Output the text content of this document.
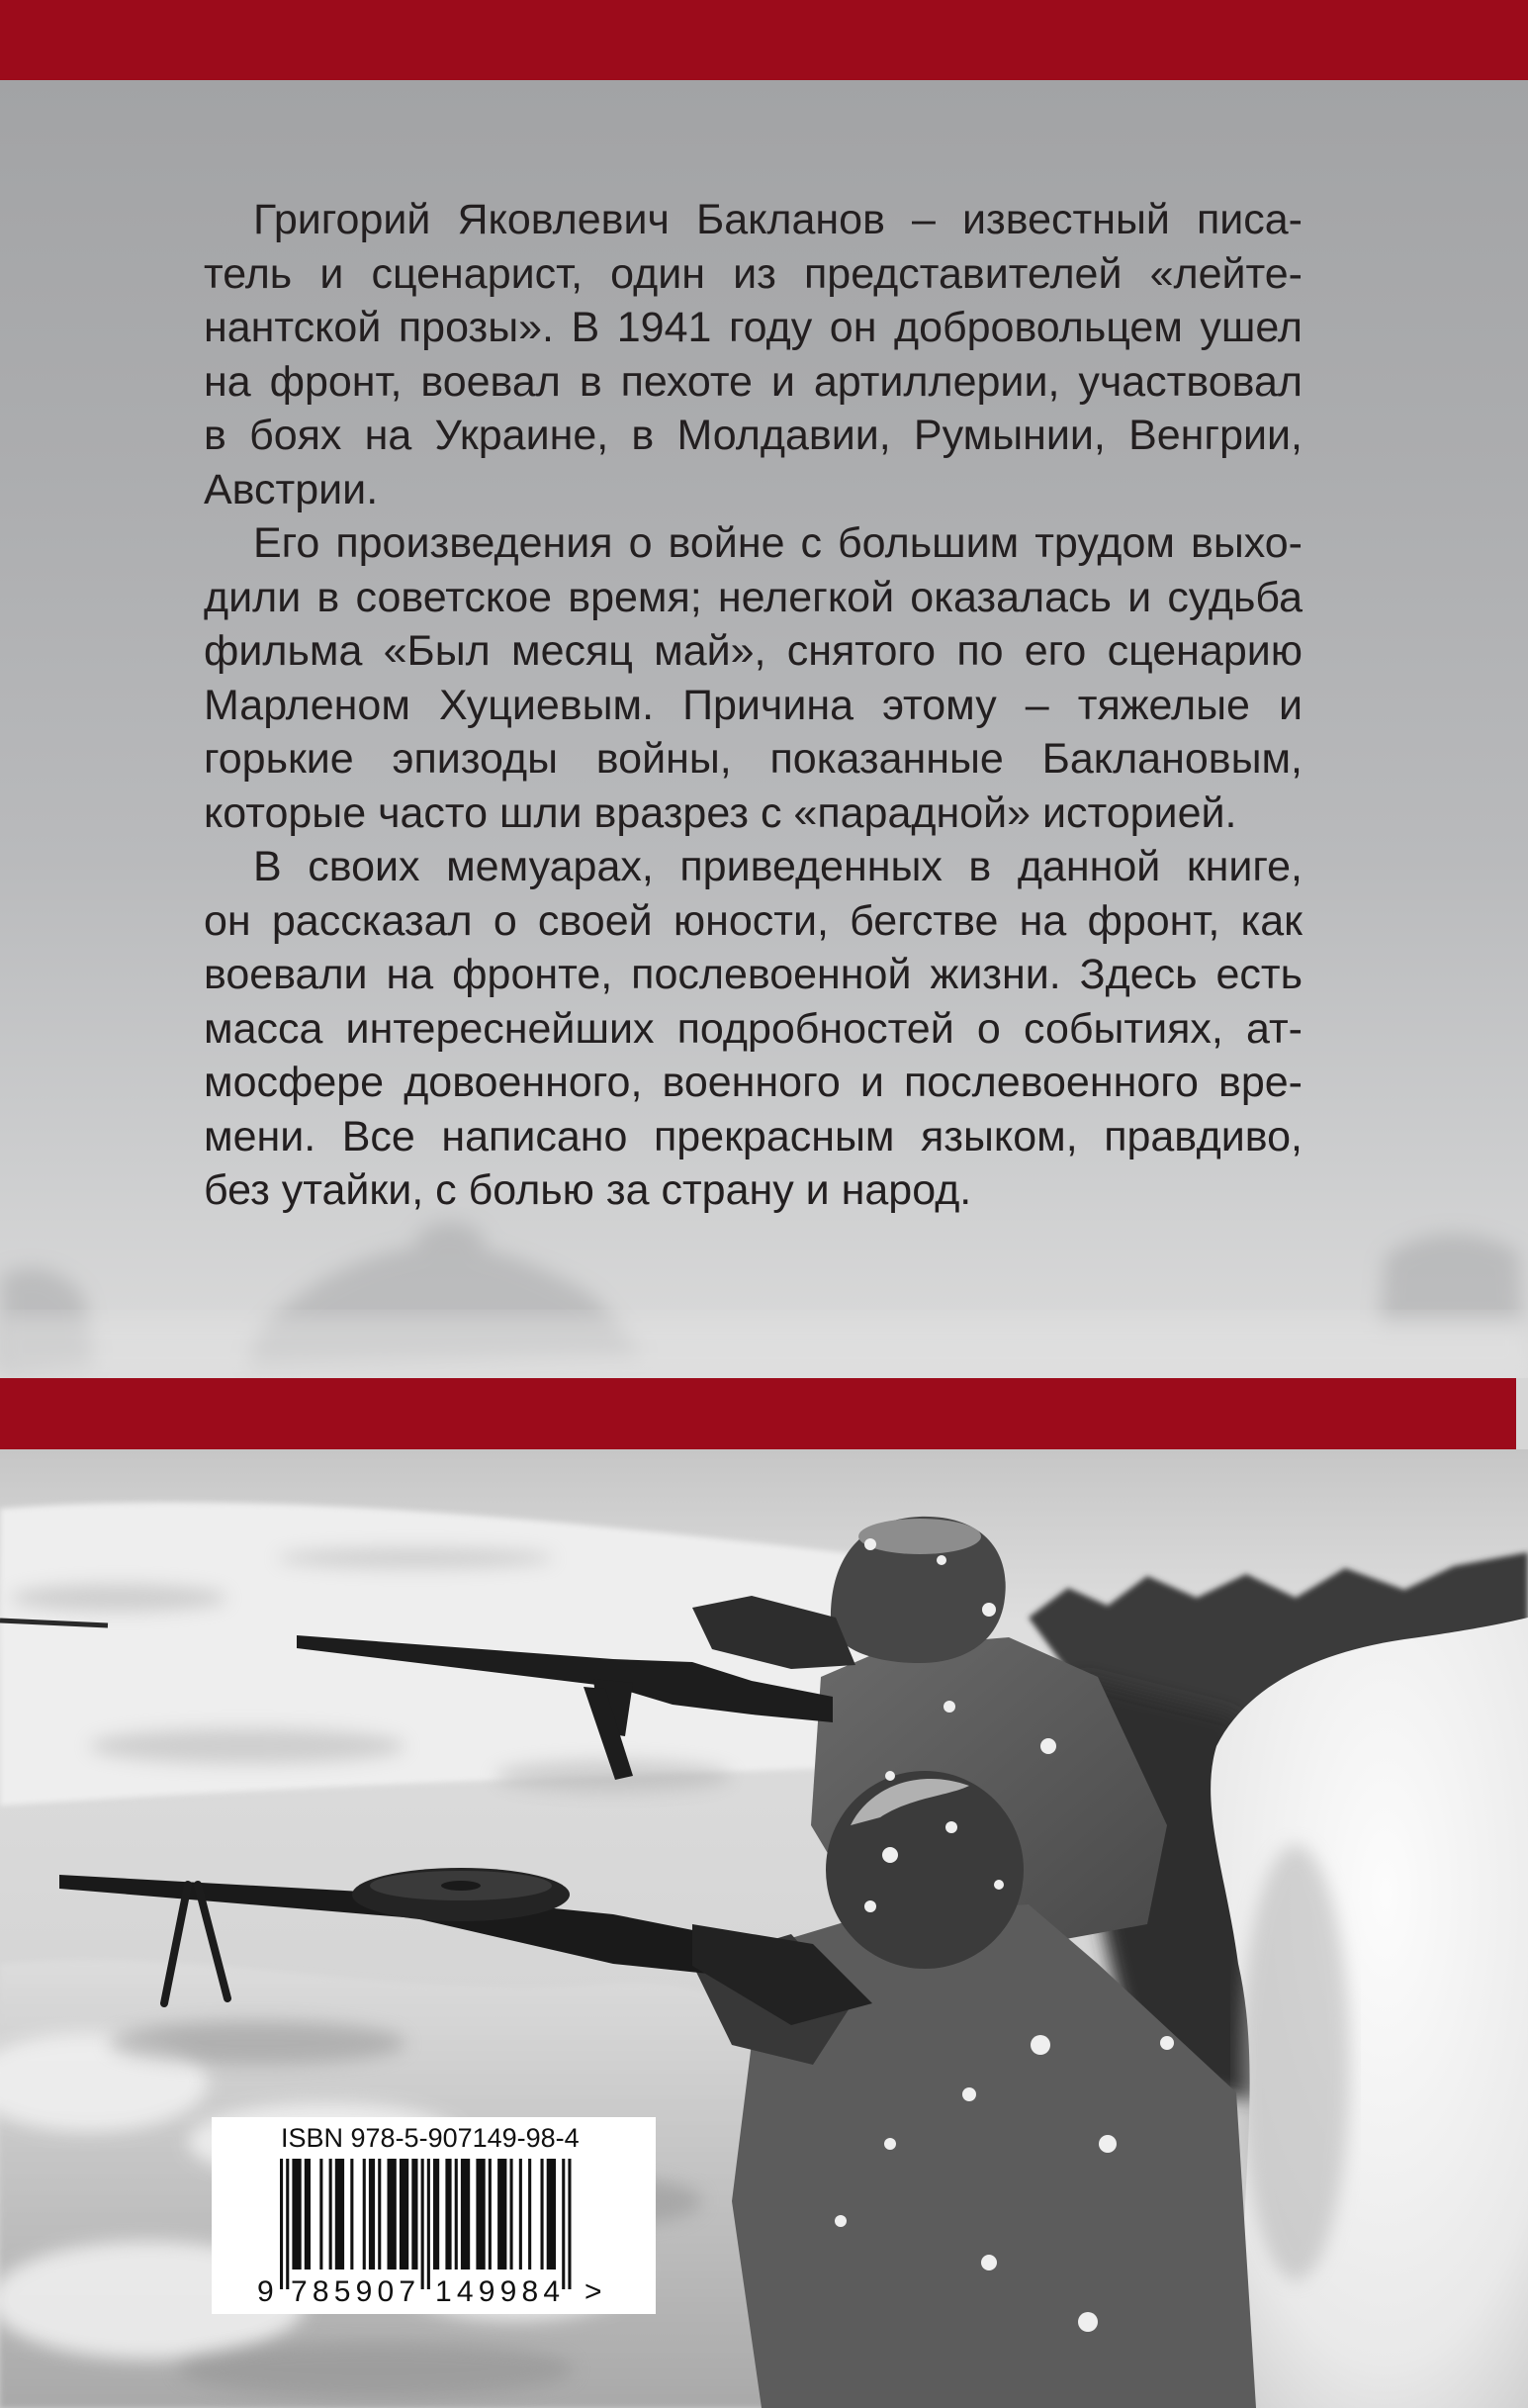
Григорий Яковлевич Бакланов – известный писа-
тель и сценарист, один из представителей «лейте-
нантской прозы». В 1941 году он добровольцем ушел
на фронт, воевал в пехоте и артиллерии, участвовал
в боях на Украине, в Молдавии, Румынии, Венгрии,
Австрии.
Его произведения о войне с большим трудом выхо-
дили в советское время; нелегкой оказалась и судьба
фильма «Был месяц май», снятого по его сценарию
Марленом Хуциевым. Причина этому – тяжелые и
горькие эпизоды войны, показанные Баклановым,
которые часто шли вразрез с «парадной» историей.
В своих мемуарах, приведенных в данной книге,
он рассказал о своей юности, бегстве на фронт, как
воевали на фронте, послевоенной жизни. Здесь есть
масса интереснейших подробностей о событиях, ат-
мосфере довоенного, военного и послевоенного вре-
мени. Все написано прекрасным языком, правдиво,
без утайки, с болью за страну и народ.
ISBN 978-5-907149-98-4
9 785907 149984 >
